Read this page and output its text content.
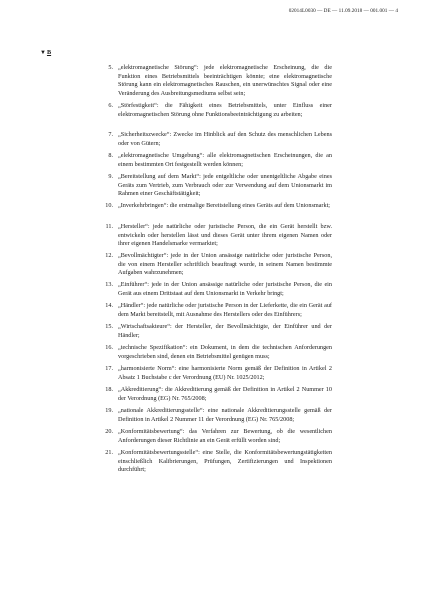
02014L0030 — DE — 11.09.2018 — 001.001 — 4
▼B
5. „elektromagnetische Störung“: jede elektromagnetische Erscheinung, die die Funktion eines Betriebsmittels beeinträchtigen könnte; eine elektromagnetische Störung kann ein elektromagnetisches Rauschen, ein unerwünschtes Signal oder eine Veränderung des Ausbreitungsmediums selbst sein;
6. „Störfestigkeit“: die Fähigkeit eines Betriebsmittels, unter Einfluss einer elektromagnetischen Störung ohne Funktionsbeeinträchtigung zu arbeiten;
7. „Sicherheitszwecke“: Zwecke im Hinblick auf den Schutz des menschlichen Lebens oder von Gütern;
8. „elektromagnetische Umgebung“: alle elektromagnetischen Erscheinungen, die an einem bestimmten Ort festgestellt werden können;
9. „Bereitstellung auf dem Markt“: jede entgeltliche oder unentgeltliche Abgabe eines Geräts zum Vertrieb, zum Verbrauch oder zur Verwendung auf dem Unionsmarkt im Rahmen einer Geschäftstätigkeit;
10. „Inverkehrbringen“: die erstmalige Bereitstellung eines Geräts auf dem Unionsmarkt;
11. „Hersteller“: jede natürliche oder juristische Person, die ein Gerät herstellt bzw. entwickeln oder herstellen lässt und dieses Gerät unter ihrem eigenen Namen oder ihrer eigenen Handelsmarke vermarktet;
12. „Bevollmächtigter“: jede in der Union ansässige natürliche oder juristische Person, die von einem Hersteller schriftlich beauftragt wurde, in seinem Namen bestimmte Aufgaben wahrzunehmen;
13. „Einführer“: jede in der Union ansässige natürliche oder juristische Person, die ein Gerät aus einem Drittstaat auf dem Unionsmarkt in Verkehr bringt;
14. „Händler“: jede natürliche oder juristische Person in der Lieferkette, die ein Gerät auf dem Markt bereitstellt, mit Ausnahme des Herstellers oder des Einführers;
15. „Wirtschaftsakteure“: der Hersteller, der Bevollmächtigte, der Einführer und der Händler;
16. „technische Spezifikation“: ein Dokument, in dem die technischen Anforderungen vorgeschrieben sind, denen ein Betriebsmittel genügen muss;
17. „harmonisierte Norm“: eine harmonisierte Norm gemäß der Definition in Artikel 2 Absatz 1 Buchstabe c der Verordnung (EU) Nr. 1025/2012;
18. „Akkreditierung“: die Akkreditierung gemäß der Definition in Artikel 2 Nummer 10 der Verordnung (EG) Nr. 765/2008;
19. „nationale Akkreditierungsstelle“: eine nationale Akkreditierungsstelle gemäß der Definition in Artikel 2 Nummer 11 der Verordnung (EG) Nr. 765/2008;
20. „Konformitätsbewertung“: das Verfahren zur Bewertung, ob die wesentlichen Anforderungen dieser Richtlinie an ein Gerät erfüllt worden sind;
21. „Konformitätsbewertungsstelle“: eine Stelle, die Konformitätsbewertungstätigkeiten einschließlich Kalibrierungen, Prüfungen, Zertifizierungen und Inspektionen durchführt;
